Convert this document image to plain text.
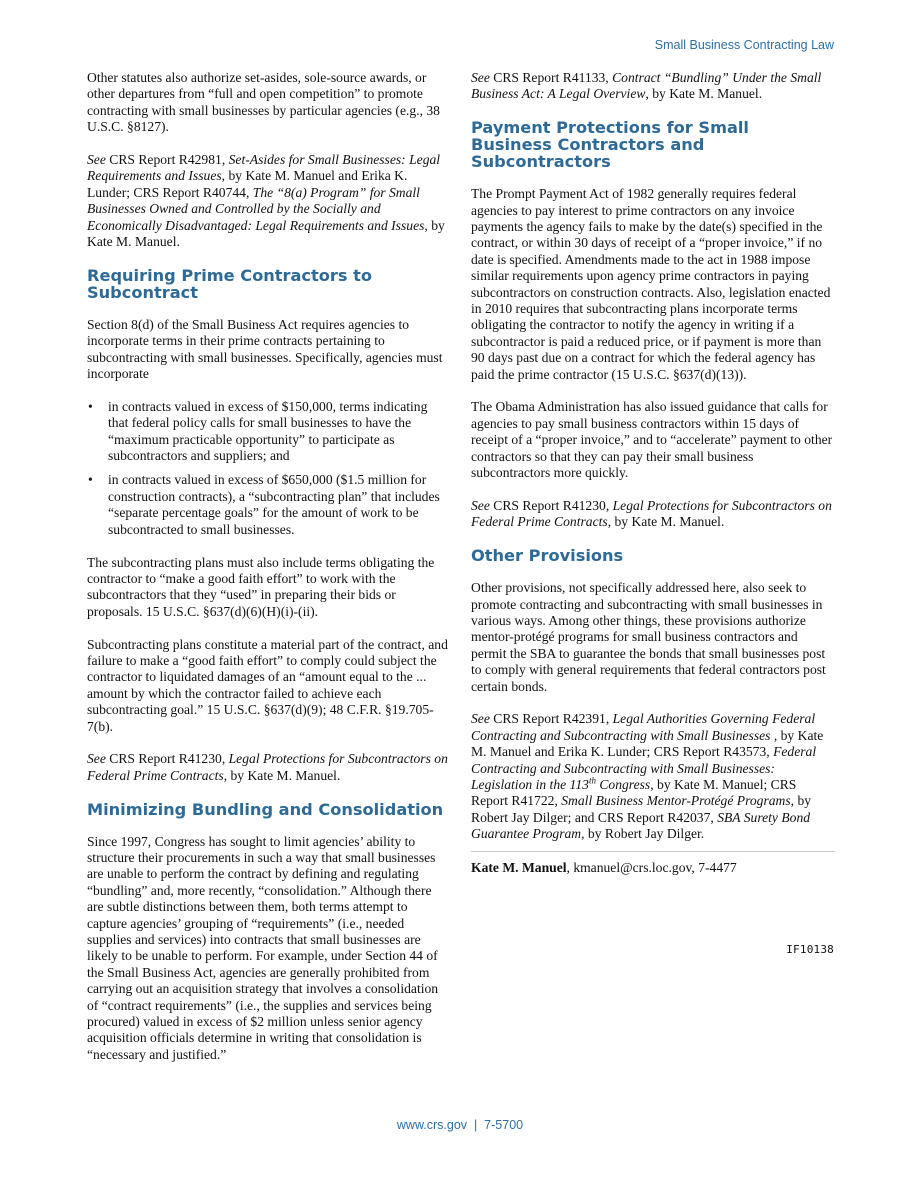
Small Business Contracting Law

Other statutes also authorize set-asides, sole-source awards, or other departures from “full and open competition” to promote contracting with small businesses by particular agencies (e.g., 38 U.S.C. §8127).

See CRS Report R42981, Set-Asides for Small Businesses: Legal Requirements and Issues, by Kate M. Manuel and Erika K. Lunder; CRS Report R40744, The “8(a) Program” for Small Businesses Owned and Controlled by the Socially and Economically Disadvantaged: Legal Requirements and Issues, by Kate M. Manuel.

Requiring Prime Contractors to Subcontract

Section 8(d) of the Small Business Act requires agencies to incorporate terms in their prime contracts pertaining to subcontracting with small businesses. Specifically, agencies must incorporate

• in contracts valued in excess of $150,000, terms indicating that federal policy calls for small businesses to have the “maximum practicable opportunity” to participate as subcontractors and suppliers; and
• in contracts valued in excess of $650,000 ($1.5 million for construction contracts), a “subcontracting plan” that includes “separate percentage goals” for the amount of work to be subcontracted to small businesses.

The subcontracting plans must also include terms obligating the contractor to “make a good faith effort” to work with the subcontractors that they “used” in preparing their bids or proposals. 15 U.S.C. §637(d)(6)(H)(i)-(ii).

Subcontracting plans constitute a material part of the contract, and failure to make a “good faith effort” to comply could subject the contractor to liquidated damages of an “amount equal to the ... amount by which the contractor failed to achieve each subcontracting goal.” 15 U.S.C. §637(d)(9); 48 C.F.R. §19.705-7(b).

See CRS Report R41230, Legal Protections for Subcontractors on Federal Prime Contracts, by Kate M. Manuel.

Minimizing Bundling and Consolidation

Since 1997, Congress has sought to limit agencies’ ability to structure their procurements in such a way that small businesses are unable to perform the contract by defining and regulating “bundling” and, more recently, “consolidation.” Although there are subtle distinctions between them, both terms attempt to capture agencies’ grouping of “requirements” (i.e., needed supplies and services) into contracts that small businesses are likely to be unable to perform. For example, under Section 44 of the Small Business Act, agencies are generally prohibited from carrying out an acquisition strategy that involves a consolidation of “contract requirements” (i.e., the supplies and services being procured) valued in excess of $2 million unless senior agency acquisition officials determine in writing that consolidation is “necessary and justified.”

See CRS Report R41133, Contract “Bundling” Under the Small Business Act: A Legal Overview, by Kate M. Manuel.

Payment Protections for Small Business Contractors and Subcontractors

The Prompt Payment Act of 1982 generally requires federal agencies to pay interest to prime contractors on any invoice payments the agency fails to make by the date(s) specified in the contract, or within 30 days of receipt of a “proper invoice,” if no date is specified. Amendments made to the act in 1988 impose similar requirements upon agency prime contractors in paying subcontractors on construction contracts. Also, legislation enacted in 2010 requires that subcontracting plans incorporate terms obligating the contractor to notify the agency in writing if a subcontractor is paid a reduced price, or if payment is more than 90 days past due on a contract for which the federal agency has paid the prime contractor (15 U.S.C. §637(d)(13)).

The Obama Administration has also issued guidance that calls for agencies to pay small business contractors within 15 days of receipt of a “proper invoice,” and to “accelerate” payment to other contractors so that they can pay their small business subcontractors more quickly.

See CRS Report R41230, Legal Protections for Subcontractors on Federal Prime Contracts, by Kate M. Manuel.

Other Provisions

Other provisions, not specifically addressed here, also seek to promote contracting and subcontracting with small businesses in various ways. Among other things, these provisions authorize mentor-protégé programs for small business contractors and permit the SBA to guarantee the bonds that small businesses post to comply with general requirements that federal contractors post certain bonds.

See CRS Report R42391, Legal Authorities Governing Federal Contracting and Subcontracting with Small Businesses , by Kate M. Manuel and Erika K. Lunder; CRS Report R43573, Federal Contracting and Subcontracting with Small Businesses: Legislation in the 113th Congress, by Kate M. Manuel; CRS Report R41722, Small Business Mentor-Protégé Programs, by Robert Jay Dilger; and CRS Report R42037, SBA Surety Bond Guarantee Program, by Robert Jay Dilger.

Kate M. Manuel, kmanuel@crs.loc.gov, 7-4477

IF10138
www.crs.gov  |  7-5700
